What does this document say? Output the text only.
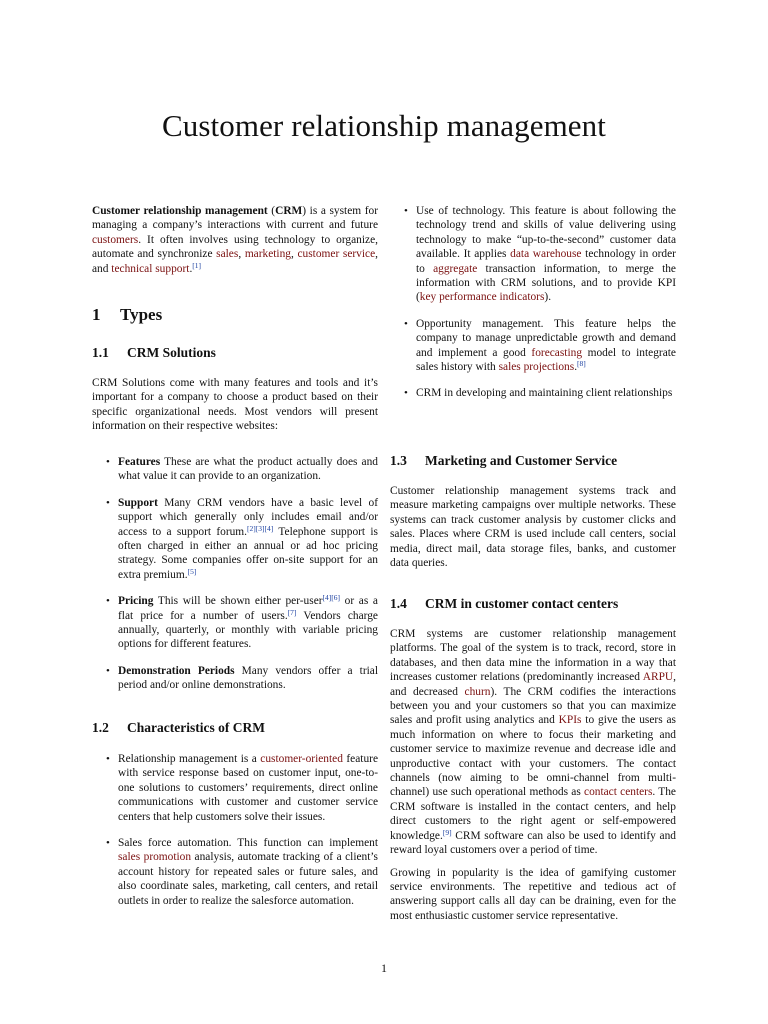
Customer relationship management

Customer relationship management (CRM) is a system for managing a company’s interactions with current and future customers. It often involves using technology to organize, automate and synchronize sales, marketing, customer service, and technical support.[1]

1 Types
1.1 CRM Solutions

CRM Solutions come with many features and tools and it’s important for a company to choose a product based on their specific organizational needs. Most vendors will present information on their respective websites:

• Features These are what the product actually does and what value it can provide to an organization.
• Support Many CRM vendors have a basic level of support which generally only includes email and/or access to a support forum.[2][3][4] Telephone support is often charged in either an annual or ad hoc pricing strategy. Some companies offer on-site support for an extra premium.[5]
• Pricing This will be shown either per-user[4][6] or as a flat price for a number of users.[7] Vendors charge annually, quarterly, or monthly with variable pricing options for different features.
• Demonstration Periods Many vendors offer a trial period and/or online demonstrations.
1.2 Characteristics of CRM
• Relationship management is a customer-oriented feature with service response based on customer input, one-to-one solutions to customers’ requirements, direct online communications with customer and customer service centers that help customers solve their issues.
• Sales force automation. This function can implement sales promotion analysis, automate tracking of a client’s account history for repeated sales or future sales, and also coordinate sales, marketing, call centers, and retail outlets in order to realize the salesforce automation.
• Use of technology. This feature is about following the technology trend and skills of value delivering using technology to make “up-to-the-second” customer data available. It applies data warehouse technology in order to aggregate transaction information, to merge the information with CRM solutions, and to provide KPI (key performance indicators).
• Opportunity management. This feature helps the company to manage unpredictable growth and demand and implement a good forecasting model to integrate sales history with sales projections.[8]
• CRM in developing and maintaining client relationships
1.3 Marketing and Customer Service

Customer relationship management systems track and measure marketing campaigns over multiple networks. These systems can track customer analysis by customer clicks and sales. Places where CRM is used include call centers, social media, direct mail, data storage files, banks, and customer data queries.

1.4 CRM in customer contact centers

CRM systems are customer relationship management platforms. The goal of the system is to track, record, store in databases, and then data mine the information in a way that increases customer relations (predominantly increased ARPU, and decreased churn). The CRM codifies the interactions between you and your customers so that you can maximize sales and profit using analytics and KPIs to give the users as much information on where to focus their marketing and customer service to maximize revenue and decrease idle and unproductive contact with your customers. The contact channels (now aiming to be omni-channel from multi-channel) use such operational methods as contact centers. The CRM software is installed in the contact centers, and help direct customers to the right agent or self-empowered knowledge.[9] CRM software can also be used to identify and reward loyal customers over a period of time.

Growing in popularity is the idea of gamifying customer service environments. The repetitive and tedious act of answering support calls all day can be draining, even for the most enthusiastic customer service representative.

1
